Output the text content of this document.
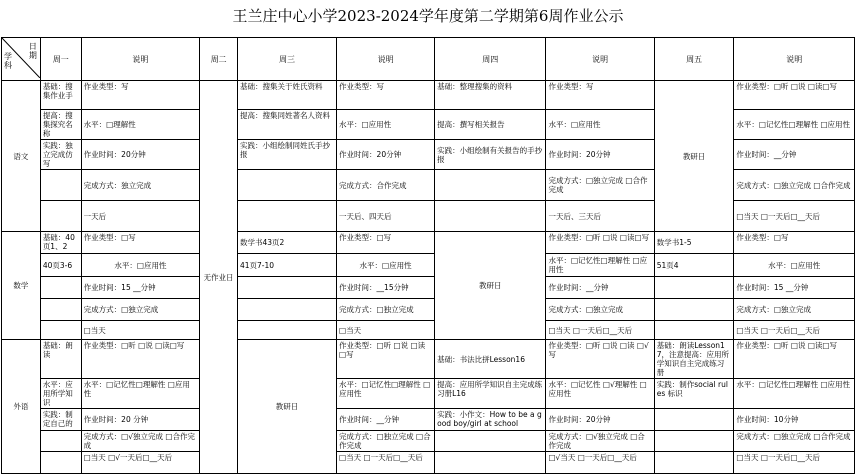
王兰庄中心小学2023-2024学年度第二学期第6周作业公示
日期
学科	周一	说明	周二	周三	说明	周四	说明	周五	说明
语文	基础：搜集作业手	作业类型：写	无作业日	基础：搜集关于姓氏资料	作业类型：写	基础：整理搜集的资料	作业类型：写	教研日	作业类型：□听 □说 □读□写
	提高：搜集探究名称	水平：□理解性		提高：搜集同姓著名人资料	水平：□应用性	提高：撰写相关报告	水平：□应用性		水平：□记忆性□理解性 □应用性
	实践：独立完成仿写	作业时间：20分钟		实践：小组绘制同姓氏手抄报	作业时间：20分钟	实践：小组绘制有关报告的手抄报	作业时间：20分钟		作业时间：__分钟
		完成方式：独立完成			完成方式：合作完成		完成方式：□独立完成 □合作完成		完成方式：□独立完成 □合作完成
		一天后			一天后、四天后		一天后、三天后		□当天 □一天后□__天后
数学	基础：40页1、2	作业类型：□写		数学书43页2	作业类型：□写	教研日	作业类型：□听 □说 □读□写	数学书1-5	作业类型：□写
	40页3-6	水平：□应用性		41页7-10	水平：□应用性		水平：□记忆性□理解性 □应用性	51页4	水平：□应用性
		作业时间：15 __分钟			作业时间：__15分钟		作业时间：__分钟		作业时间：15 __分钟
		完成方式：□独立完成			完成方式：□独立完成		完成方式：□独立完成		完成方式：□独立完成
		□当天			□当天		□当天 □一天后□__天后		□当天 □一天后□__天后
外语	基础：朗读	作业类型：□听 □说 □读□写		教研日	作业类型：□听 □说 □读□写	基础：书法比拼Lesson16	作业类型：□听 □说 □读 □√写	基础：朗读Lesson17，注意提高：应用所学知识自主完成练习册	作业类型：□听 □说 □读□写
	水平：应用所学知识	水平：□记忆性□理解性 □应用性			水平：□记忆性□理解性 □应用性	提高：应用所学知识自主完成练习册L16	水平：□记忆性 □√理解性 □应用性	实践：制作social rules 标识	水平：□记忆性□理解性 □应用性
	实践：制定自己的	作业时间：20 分钟			作业时间：__分钟	实践：小作文：How to be a good boy/girl at school	作业时间：20分钟		作业时间：10分钟
		完成方式：□√独立完成 □合作完成			完成方式：□独立完成 □合作完成		完成方式：□√独立完成 □合作完成		完成方式：□独立完成 □合作完成
		□当天 □√一天后□__天后			□当天 □一天后□__天后		□√当天 □一天后□__天后		□当天 □一天后□__天后
